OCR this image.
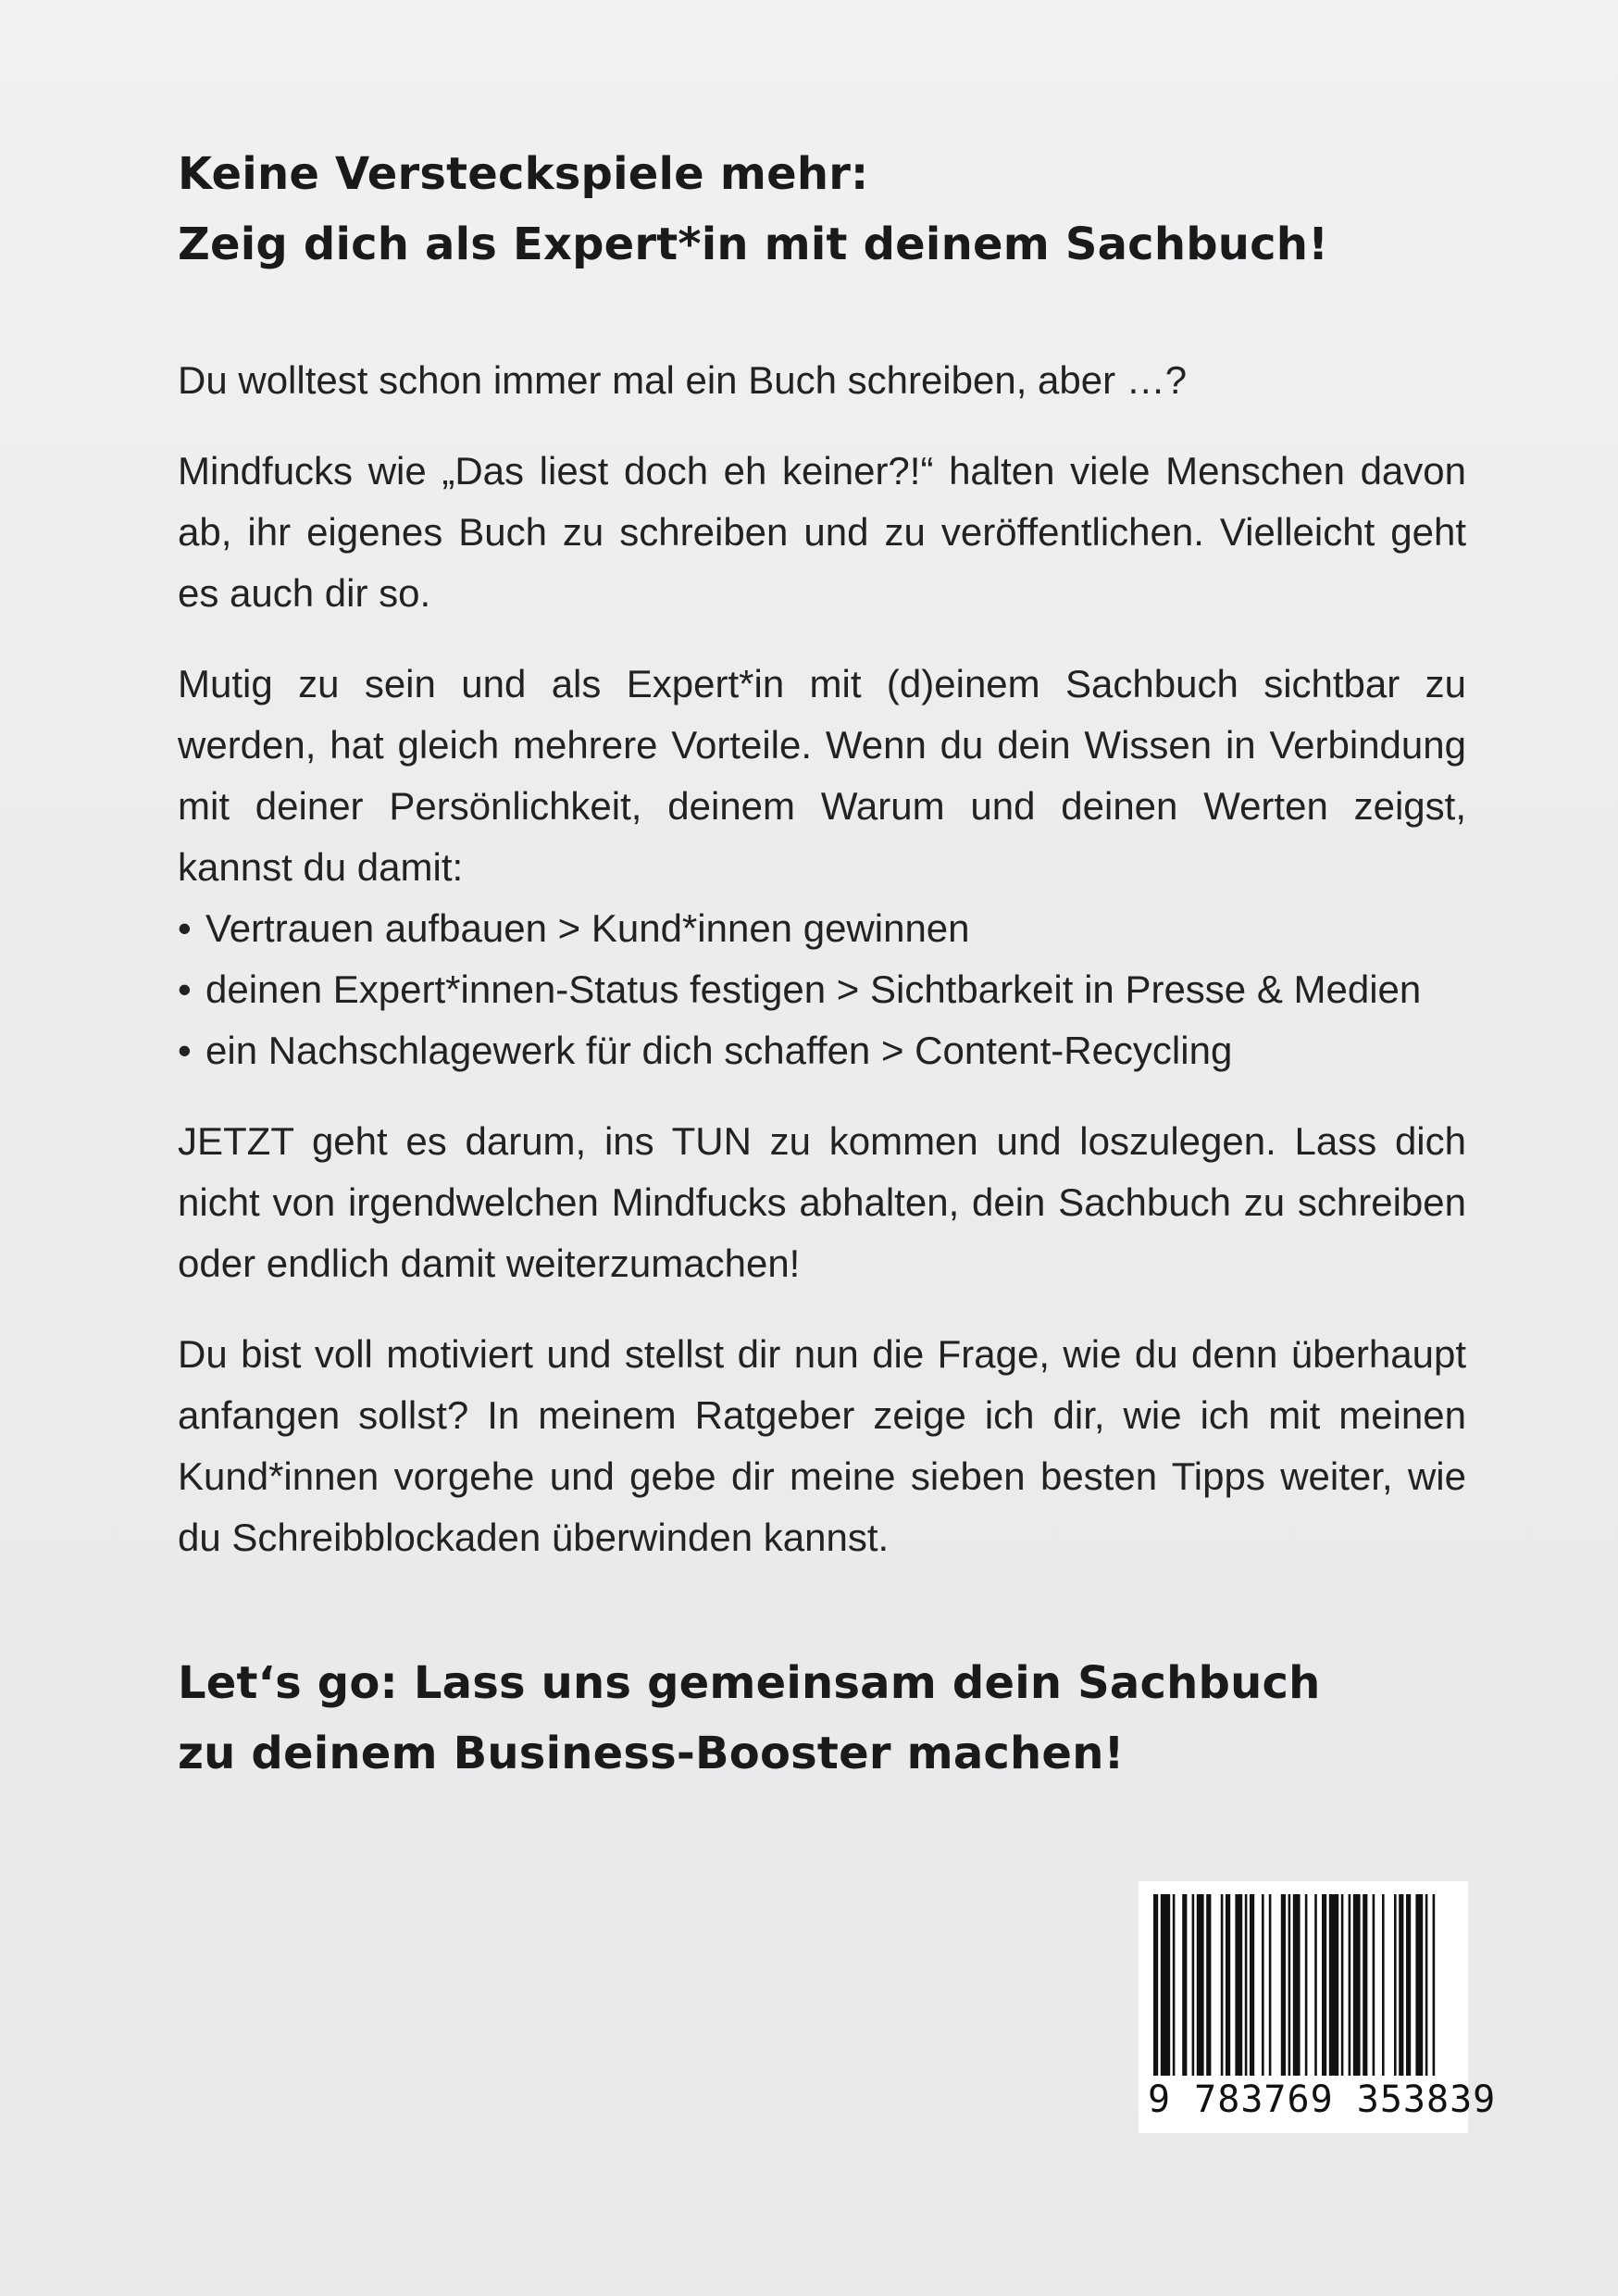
Keine Versteckspiele mehr:
Zeig dich als Expert*in mit deinem Sachbuch!

Du wolltest schon immer mal ein Buch schreiben, aber …?

Mindfucks wie „Das liest doch eh keiner?!“ halten viele Menschen davon ab, ihr eigenes Buch zu schreiben und zu veröffentlichen. Vielleicht geht es auch dir so.

Mutig zu sein und als Expert*in mit (d)einem Sachbuch sichtbar zu werden, hat gleich mehrere Vorteile. Wenn du dein Wissen in Verbindung mit deiner Persönlichkeit, deinem Warum und deinen Werten zeigst, kannst du damit:

• Vertrauen aufbauen > Kund*innen gewinnen
• deinen Expert*innen-Status festigen > Sichtbarkeit in Presse & Medien
• ein Nachschlagewerk für dich schaffen > Content-Recycling

JETZT geht es darum, ins TUN zu kommen und loszulegen. Lass dich nicht von irgendwelchen Mindfucks abhalten, dein Sachbuch zu schreiben oder endlich damit weiterzumachen!

Du bist voll motiviert und stellst dir nun die Frage, wie du denn überhaupt anfangen sollst? In meinem Ratgeber zeige ich dir, wie ich mit meinen Kund*innen vorgehe und gebe dir meine sieben besten Tipps weiter, wie du Schreibblockaden überwinden kannst.

Let‘s go: Lass uns gemeinsam dein Sachbuch
zu deinem Business-Booster machen!
9 783769 353839
